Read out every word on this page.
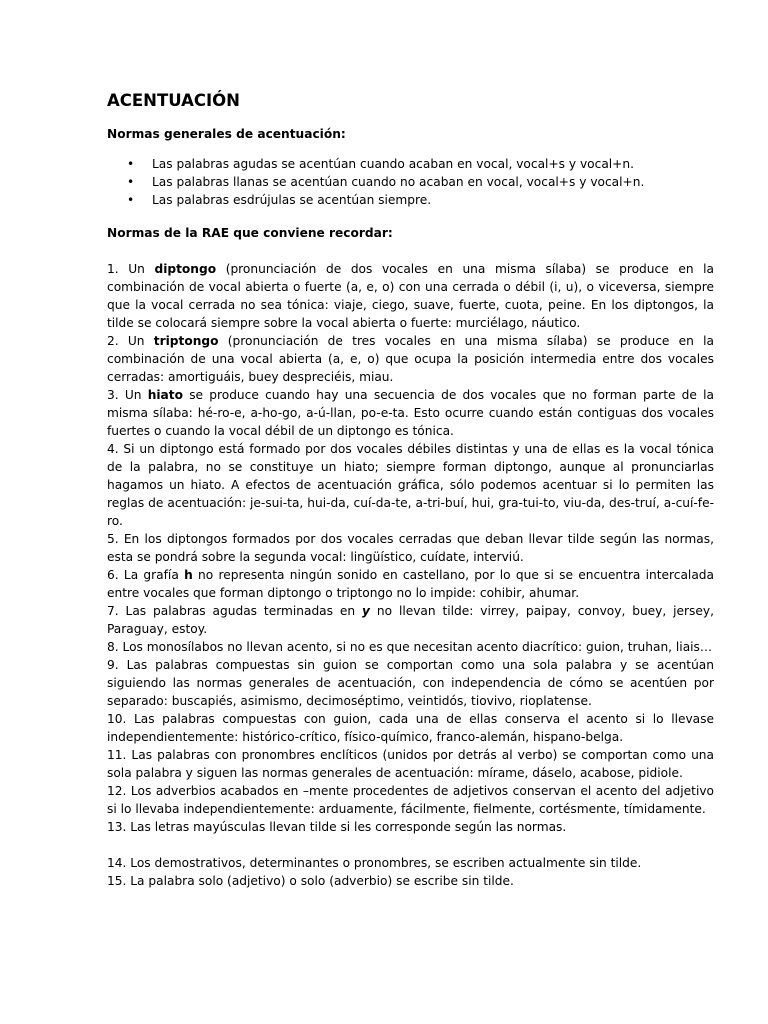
ACENTUACIÓN
Normas generales de acentuación:
• Las palabras agudas se acentúan cuando acaban en vocal, vocal+s y vocal+n.
• Las palabras llanas se acentúan cuando no acaban en vocal, vocal+s y vocal+n.
• Las palabras esdrújulas se acentúan siempre.
Normas de la RAE que conviene recordar:

1. Un diptongo (pronunciación de dos vocales en una misma sílaba) se produce en la combinación de vocal abierta o fuerte (a, e, o) con una cerrada o débil (i, u), o viceversa, siempre que la vocal cerrada no sea tónica: viaje, ciego, suave, fuerte, cuota, peine. En los diptongos, la tilde se colocará siempre sobre la vocal abierta o fuerte: murciélago, náutico.

2. Un triptongo (pronunciación de tres vocales en una misma sílaba) se produce en la combinación de una vocal abierta (a, e, o) que ocupa la posición intermedia entre dos vocales cerradas: amortiguáis, buey despreciéis, miau.

3. Un hiato se produce cuando hay una secuencia de dos vocales que no forman parte de la misma sílaba: hé-ro-e, a-ho-go, a-ú-llan, po-e-ta. Esto ocurre cuando están contiguas dos vocales fuertes o cuando la vocal débil de un diptongo es tónica.

4. Si un diptongo está formado por dos vocales débiles distintas y una de ellas es la vocal tónica de la palabra, no se constituye un hiato; siempre forman diptongo, aunque al pronunciarlas hagamos un hiato. A efectos de acentuación gráfica, sólo podemos acentuar si lo permiten las reglas de acentuación: je-sui-ta, hui-da, cuí-da-te, a-tri-buí, hui, gra-tui-to, viu-da, des-truí, a-cuí-fe-ro.

5. En los diptongos formados por dos vocales cerradas que deban llevar tilde según las normas, esta se pondrá sobre la segunda vocal: lingüístico, cuídate, interviú.

6. La grafía h no representa ningún sonido en castellano, por lo que si se encuentra intercalada entre vocales que forman diptongo o triptongo no lo impide: cohibir, ahumar.

7. Las palabras agudas terminadas en y no llevan tilde: virrey, paipay, convoy, buey, jersey, Paraguay, estoy.

8. Los monosílabos no llevan acento, si no es que necesitan acento diacrítico: guion, truhan, liais…

9. Las palabras compuestas sin guion se comportan como una sola palabra y se acentúan siguiendo las normas generales de acentuación, con independencia de cómo se acentúen por separado: buscapiés, asimismo, decimoséptimo, veintidós, tiovivo, rioplatense.

10. Las palabras compuestas con guion, cada una de ellas conserva el acento si lo llevase independientemente: histórico-crítico, físico-químico, franco-alemán, hispano-belga.

11. Las palabras con pronombres enclíticos (unidos por detrás al verbo) se comportan como una sola palabra y siguen las normas generales de acentuación: mírame, dáselo, acabose, pidiole.

12. Los adverbios acabados en –mente procedentes de adjetivos conservan el acento del adjetivo si lo llevaba independientemente: arduamente, fácilmente, fielmente, cortésmente, tímidamente.

13. Las letras mayúsculas llevan tilde si les corresponde según las normas.

14. Los demostrativos, determinantes o pronombres, se escriben actualmente sin tilde.

15. La palabra solo (adjetivo) o solo (adverbio) se escribe sin tilde.
